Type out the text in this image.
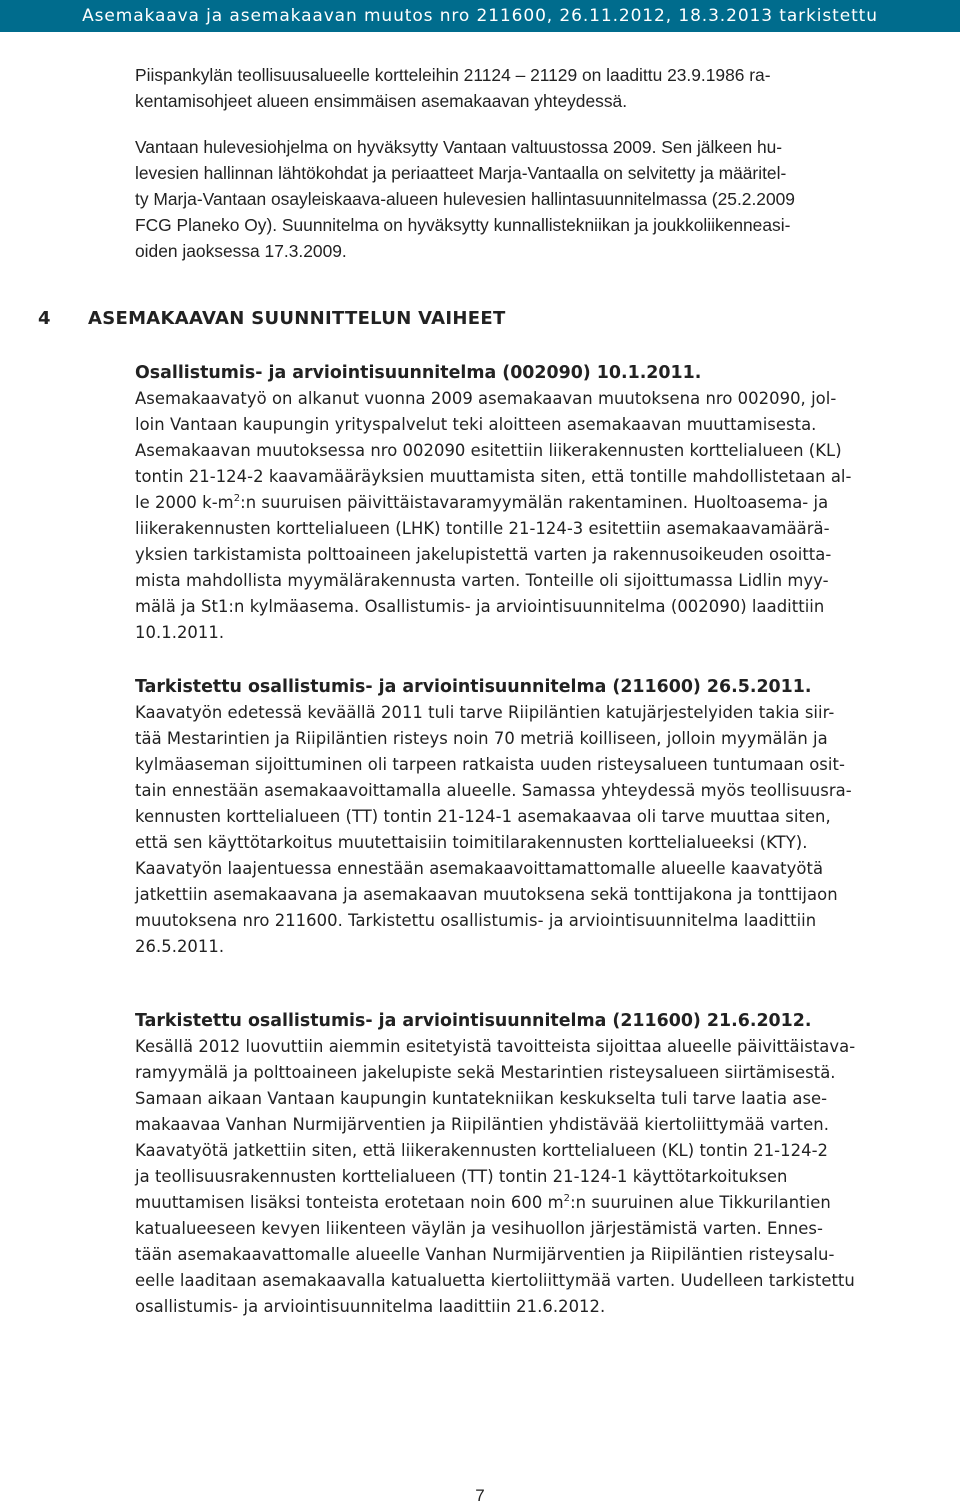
Asemakaava ja asemakaavan muutos nro 211600, 26.11.2012, 18.3.2013 tarkistettu

Piispankylän teollisuusalueelle kortteleihin 21124 – 21129 on laadittu 23.9.1986 ra-

kentamisohjeet alueen ensimmäisen asemakaavan yhteydessä.

Vantaan hulevesiohjelma on hyväksytty Vantaan valtuustossa 2009. Sen jälkeen hu-

levesien hallinnan lähtökohdat ja periaatteet Marja-Vantaalla on selvitetty ja määritel-

ty Marja-Vantaan osayleiskaava-alueen hulevesien hallintasuunnitelmassa (25.2.2009

FCG Planeko Oy). Suunnitelma on hyväksytty kunnallistekniikan ja joukkoliikenneasi-

oiden jaoksessa 17.3.2009.

4 ASEMAKAAVAN SUUNNITTELUN VAIHEET

Osallistumis- ja arviointisuunnitelma (002090) 10.1.2011.

Asemakaavatyö on alkanut vuonna 2009 asemakaavan muutoksena nro 002090, jol-

loin Vantaan kaupungin yrityspalvelut teki aloitteen asemakaavan muuttamisesta.

Asemakaavan muutoksessa nro 002090 esitettiin liikerakennusten korttelialueen (KL)

tontin 21-124-2 kaavamääräyksien muuttamista siten, että tontille mahdollistetaan al-

le 2000 $k-m^2:n$ suuruisen päivittäistavaramyymälän rakentaminen. Huoltoasema- ja

liikerakennusten korttelialueen (LHK) tontille 21-124-3 esitettiin asemakaavamäärä-

yksien tarkistamista polttoaineen jakelupistettä varten ja rakennusoikeuden osoitta-

mista mahdollista myymälärakennusta varten. Tonteille oli sijoittumassa Lidlin myy-

mälä ja St1:n kylmäasema. Osallistumis- ja arviointisuunnitelma (002090) laadittiin

10.1.2011.

Tarkistettu osallistumis- ja arviointisuunnitelma (211600) 26.5.2011.

Kaavatyön edetessä keväällä 2011 tuli tarve Riipiläntien katujärjestelyiden takia siir-

tää Mestarintien ja Riipiläntien risteys noin 70 metriä koilliseen, jolloin myymälän ja

kylmäaseman sijoittuminen oli tarpeen ratkaista uuden risteysalueen tuntumaan osit-

tain ennestään asemakaavoittamalla alueelle. Samassa yhteydessä myös teollisuusra-

kennusten korttelialueen (TT) tontin 21-124-1 asemakaavaa oli tarve muuttaa siten,

että sen käyttötarkoitus muutettaisiin toimitilarakennusten korttelialueeksi (KTY).

Kaavatyön laajentuessa ennestään asemakaavoittamattomalle alueelle kaavatyötä

jatkettiin asemakaavana ja asemakaavan muutoksena sekä tonttijakona ja tonttijaon

muutoksena nro 211600. Tarkistettu osallistumis- ja arviointisuunnitelma laadittiin

26.5.2011.

Tarkistettu osallistumis- ja arviointisuunnitelma (211600) 21.6.2012.

Kesällä 2012 luovuttiin aiemmin esitetyistä tavoitteista sijoittaa alueelle päivittäistava-

ramyymälä ja polttoaineen jakelupiste sekä Mestarintien risteysalueen siirtämisestä.

Samaan aikaan Vantaan kaupungin kuntatekniikan keskukselta tuli tarve laatia ase-

makaavaa Vanhan Nurmijärventien ja Riipiläntien yhdistävää kiertoliittymää varten.

Kaavatyötä jatkettiin siten, että liikerakennusten korttelialueen (KL) tontin 21-124-2

ja teollisuusrakennusten korttelialueen (TT) tontin 21-124-1 käyttötarkoituksen

muuttamisen lisäksi tonteista erotetaan noin 600 $m^2:n$ suuruinen alue Tikkurilantien

katualueeseen kevyen liikenteen väylän ja vesihuollon järjestämistä varten. Ennes-

tään asemakaavattomalle alueelle Vanhan Nurmijärventien ja Riipiläntien risteysalu-

eelle laaditaan asemakaavalla katualuetta kiertoliittymää varten. Uudelleen tarkistettu

osallistumis- ja arviointisuunnitelma laadittiin 21.6.2012.

7
